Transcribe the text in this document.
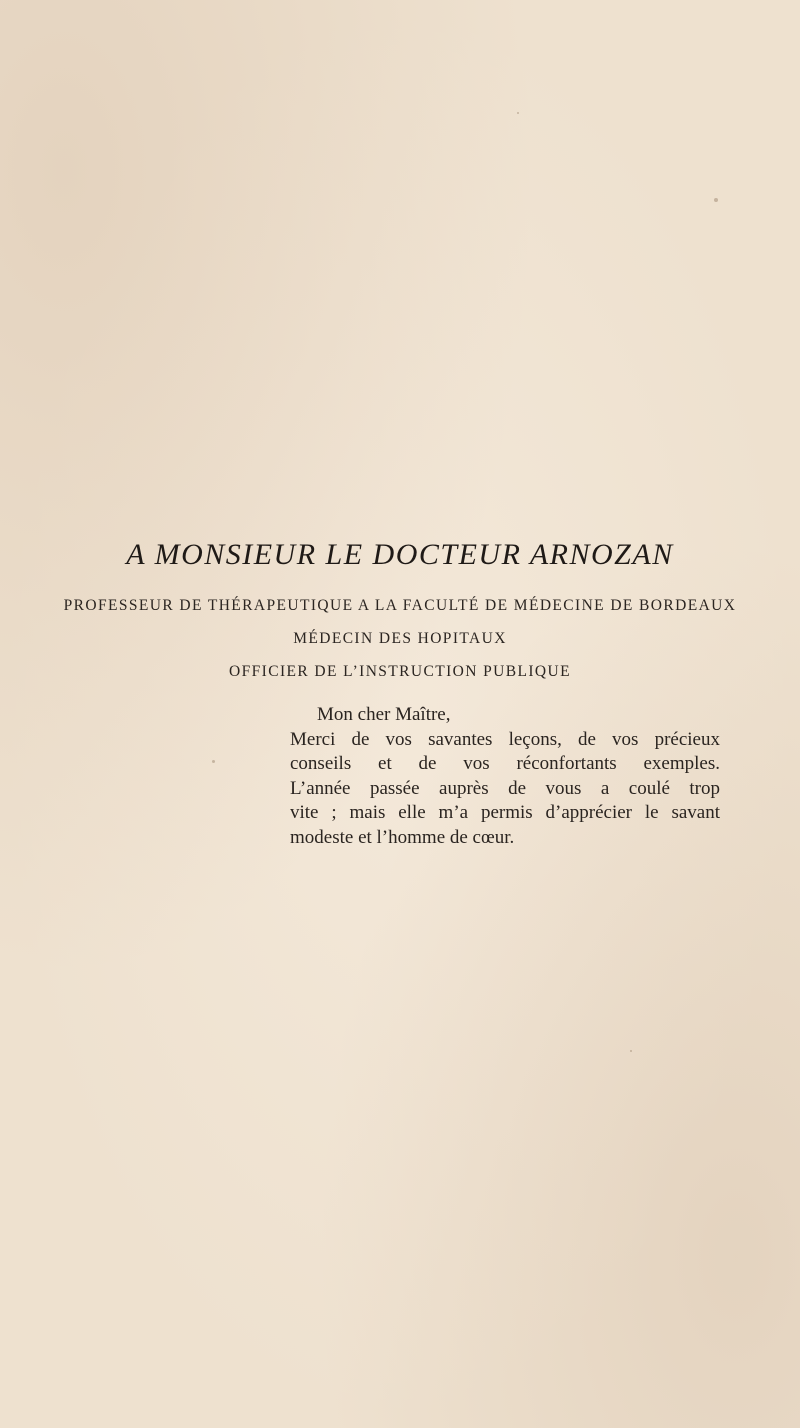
A MONSIEUR LE DOCTEUR ARNOZAN
PROFESSEUR DE THÉRAPEUTIQUE A LA FACULTÉ DE MÉDECINE DE BORDEAUX
MÉDECIN DES HOPITAUX
OFFICIER DE L’INSTRUCTION PUBLIQUE
Mon cher Maître,
Merci de vos savantes leçons, de vos précieux
conseils et de vos réconfortants exemples.
L’année passée auprès de vous a coulé trop
vite ; mais elle m’a permis d’apprécier le savant
modeste et l’homme de cœur.
